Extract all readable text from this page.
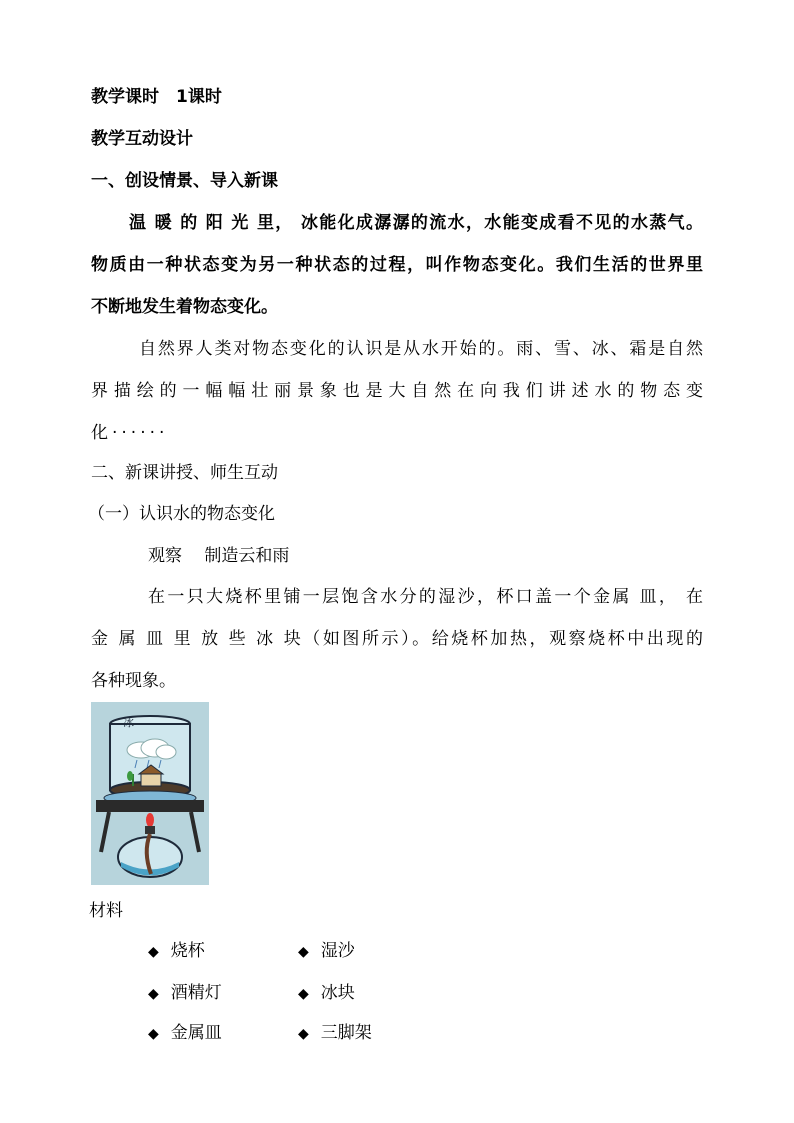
教学课时　1课时
教学互动设计
一、创设情景、导入新课
温 暖 的 阳 光 里， 冰能化成潺潺的流水，水能变成看不见的水蒸气。
物质由一种状态变为另一种状态的过程，叫作物态变化。我们生活的世界里
不断地发生着物态变化。
自然界人类对物态变化的认识是从水开始的。雨、雪、冰、霜是自然
界描绘的一幅幅壮丽景象也是大自然在向我们讲述水的物态变
化······
二、新课讲授、师生互动
（一）认识水的物态变化
观察　 制造云和雨
在一只大烧杯里铺一层饱含水分的湿沙，杯口盖一个金属 皿， 在
金 属 皿 里 放 些 冰 块（如图所示）。给烧杯加热，观察烧杯中出现的
各种现象。
冰
材料
◆ 烧杯	◆ 湿沙
◆ 酒精灯	◆ 冰块
◆ 金属皿	◆ 三脚架
